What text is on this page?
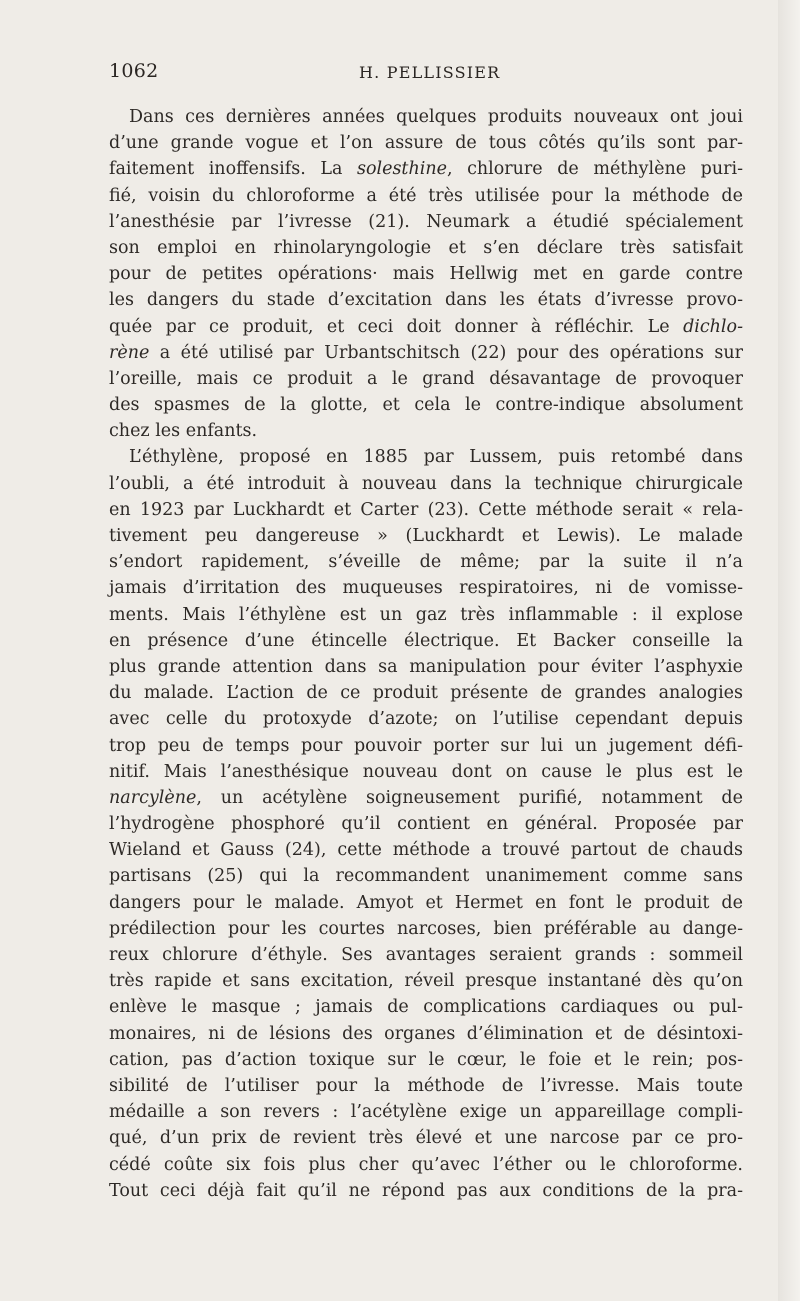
1062	H. PELLISSIER
Dans ces dernières années quelques produits nouveaux ont joui
d’une grande vogue et l’on assure de tous côtés qu’ils sont par-
faitement inoffensifs. La solesthine, chlorure de méthylène puri-
fié, voisin du chloroforme a été très utilisée pour la méthode de
l’anesthésie par l’ivresse (21). Neumark a étudié spécialement
son emploi en rhinolaryngologie et s’en déclare très satisfait
pour de petites opérations· mais Hellwig met en garde contre
les dangers du stade d’excitation dans les états d’ivresse provo-
quée par ce produit, et ceci doit donner à réfléchir. Le dichlo-
rène a été utilisé par Urbantschitsch (22) pour des opérations sur
l’oreille, mais ce produit a le grand désavantage de provoquer
des spasmes de la glotte, et cela le contre-indique absolument
chez les enfants.
L’éthylène, proposé en 1885 par Lussem, puis retombé dans
l’oubli, a été introduit à nouveau dans la technique chirurgicale
en 1923 par Luckhardt et Carter (23). Cette méthode serait « rela-
tivement peu dangereuse » (Luckhardt et Lewis). Le malade
s’endort rapidement, s’éveille de même; par la suite il n’a
jamais d’irritation des muqueuses respiratoires, ni de vomisse-
ments. Mais l’éthylène est un gaz très inflammable : il explose
en présence d’une étincelle électrique. Et Backer conseille la
plus grande attention dans sa manipulation pour éviter l’asphyxie
du malade. L’action de ce produit présente de grandes analogies
avec celle du protoxyde d’azote; on l’utilise cependant depuis
trop peu de temps pour pouvoir porter sur lui un jugement défi-
nitif. Mais l’anesthésique nouveau dont on cause le plus est le
narcylène, un acétylène soigneusement purifié, notamment de
l’hydrogène phosphoré qu’il contient en général. Proposée par
Wieland et Gauss (24), cette méthode a trouvé partout de chauds
partisans (25) qui la recommandent unanimement comme sans
dangers pour le malade. Amyot et Hermet en font le produit de
prédilection pour les courtes narcoses, bien préférable au dange-
reux chlorure d’éthyle. Ses avantages seraient grands : sommeil
très rapide et sans excitation, réveil presque instantané dès qu’on
enlève le masque ; jamais de complications cardiaques ou pul-
monaires, ni de lésions des organes d’élimination et de désintoxi-
cation, pas d’action toxique sur le cœur, le foie et le rein; pos-
sibilité de l’utiliser pour la méthode de l’ivresse. Mais toute
médaille a son revers : l’acétylène exige un appareillage compli-
qué, d’un prix de revient très élevé et une narcose par ce pro-
cédé coûte six fois plus cher qu’avec l’éther ou le chloroforme.
Tout ceci déjà fait qu’il ne répond pas aux conditions de la pra-
